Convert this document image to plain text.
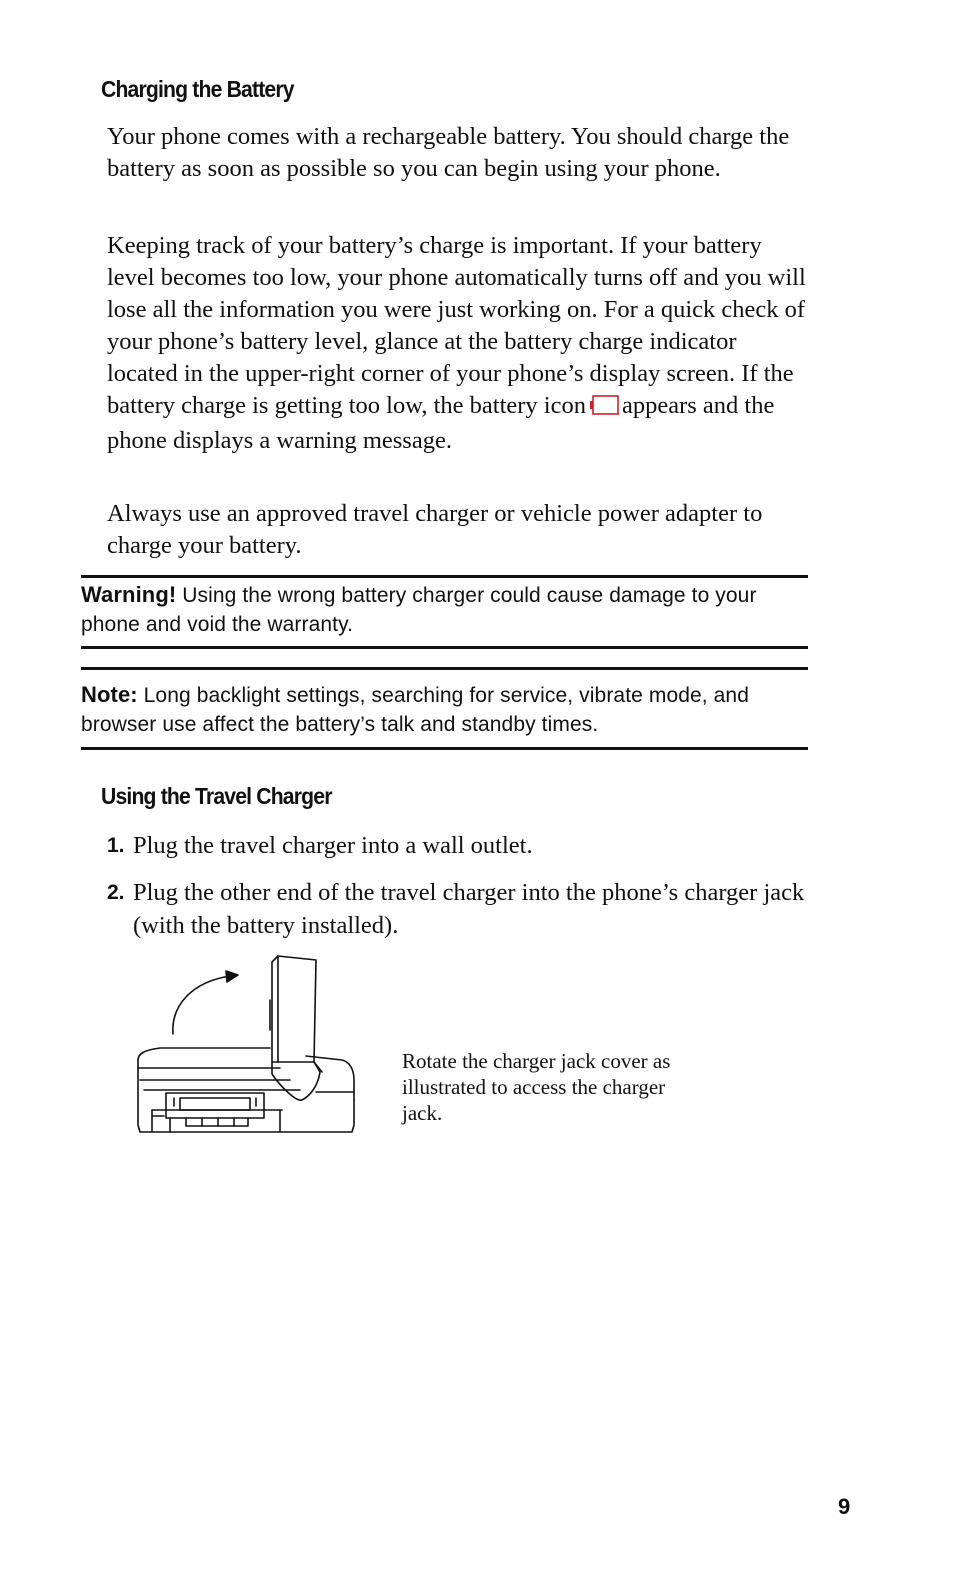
Charging the Battery

Your phone comes with a rechargeable battery. You should charge the battery as soon as possible so you can begin using your phone.

Keeping track of your battery’s charge is important. If your battery level becomes too low, your phone automatically turns off and you will lose all the information you were just working on. For a quick check of your phone’s battery level, glance at the battery charge indicator located in the upper-right corner of your phone’s display screen. If the battery charge is getting too low, the battery icon appears and the phone displays a warning message.

Always use an approved travel charger or vehicle power adapter to charge your battery.

Warning! Using the wrong battery charger could cause damage to your phone and void the warranty.

Note: Long backlight settings, searching for service, vibrate mode, and browser use affect the battery’s talk and standby times.

Using the Travel Charger
1. Plug the travel charger into a wall outlet.
2. Plug the other end of the travel charger into the phone’s charger jack (with the battery installed).

Rotate the charger jack cover as illustrated to access the charger jack.

9
